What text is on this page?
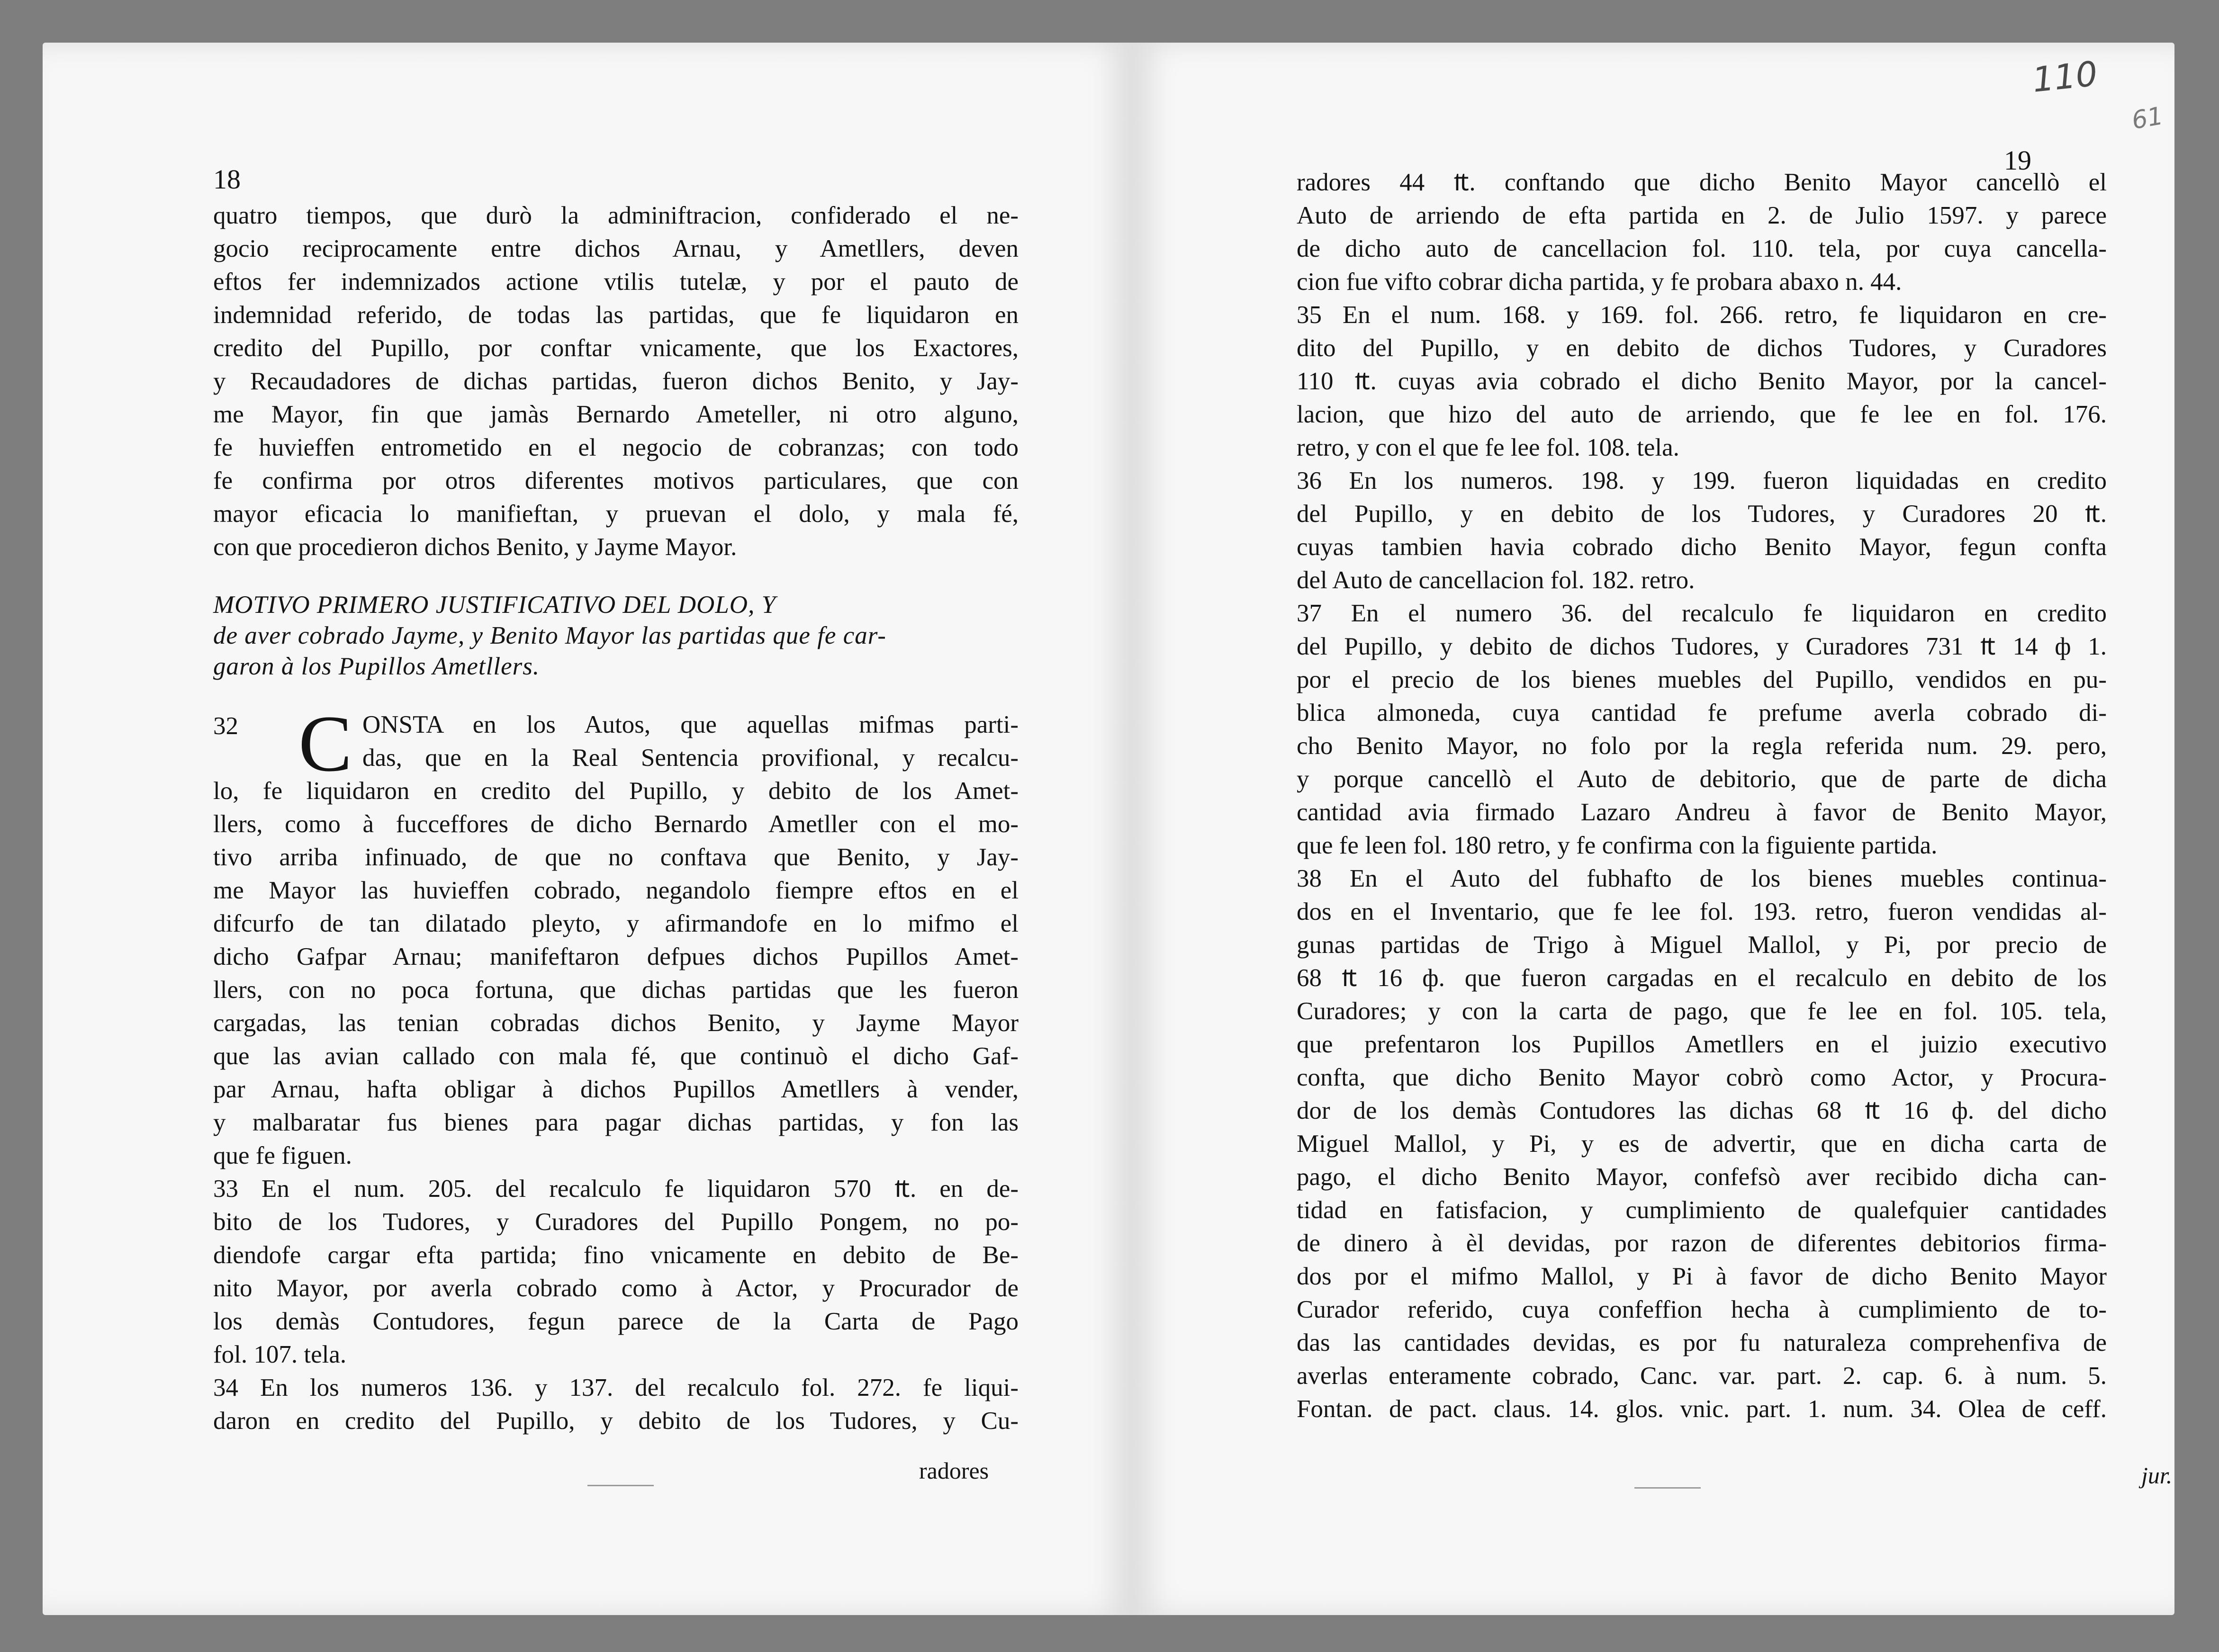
18
quatro tiempos, que durò la adminiftracion, confiderado el ne-
gocio reciprocamente entre dichos Arnau, y Ametllers, deven
eftos fer indemnizados actione vtilis tutelæ, y por el pauto de
indemnidad referido, de todas las partidas, que fe liquidaron en
credito del Pupillo, por conftar vnicamente, que los Exactores,
y Recaudadores de dichas partidas, fueron dichos Benito, y Jay-
me Mayor, fin que jamàs Bernardo Ameteller, ni otro alguno,
fe huvieffen entrometido en el negocio de cobranzas; con todo
fe confirma por otros diferentes motivos particulares, que con
mayor eficacia lo manifieftan, y pruevan el dolo, y mala fé,
con que procedieron dichos Benito, y Jayme Mayor.
MOTIVO PRIMERO JUSTIFICATIVO DEL DOLO, Y
de aver cobrado Jayme, y Benito Mayor las partidas que fe car-
garon à los Pupillos Ametllers.
32 C ONSTA en los Autos, que aquellas mifmas parti-
das, que en la Real Sentencia provifional, y recalcu-
lo, fe liquidaron en credito del Pupillo, y debito de los Amet-
llers, como à fucceffores de dicho Bernardo Ametller con el mo-
tivo arriba infinuado, de que no conftava que Benito, y Jay-
me Mayor las huvieffen cobrado, negandolo fiempre eftos en el
difcurfo de tan dilatado pleyto, y afirmandofe en lo mifmo el
dicho Gafpar Arnau; manifeftaron defpues dichos Pupillos Amet-
llers, con no poca fortuna, que dichas partidas que les fueron
cargadas, las tenian cobradas dichos Benito, y Jayme Mayor
que las avian callado con mala fé, que continuò el dicho Gaf-
par Arnau, hafta obligar à dichos Pupillos Ametllers à vender,
y malbaratar fus bienes para pagar dichas partidas, y fon las
que fe figuen.
33 En el num. 205. del recalculo fe liquidaron 570 ₶. en de-
bito de los Tudores, y Curadores del Pupillo Pongem, no po-
diendofe cargar efta partida; fino vnicamente en debito de Be-
nito Mayor, por averla cobrado como à Actor, y Procurador de
los demàs Contudores, fegun parece de la Carta de Pago
fol. 107. tela.
34 En los numeros 136. y 137. del recalculo fol. 272. fe liqui-
daron en credito del Pupillo, y debito de los Tudores, y Cu-
radores
110
61
19
radores 44 ₶. conftando que dicho Benito Mayor cancellò el
Auto de arriendo de efta partida en 2. de Julio 1597. y parece
de dicho auto de cancellacion fol. 110. tela, por cuya cancella-
cion fue vifto cobrar dicha partida, y fe probara abaxo n. 44.
35 En el num. 168. y 169. fol. 266. retro, fe liquidaron en cre-
dito del Pupillo, y en debito de dichos Tudores, y Curadores
110 ₶. cuyas avia cobrado el dicho Benito Mayor, por la cancel-
lacion, que hizo del auto de arriendo, que fe lee en fol. 176.
retro, y con el que fe lee fol. 108. tela.
36 En los numeros. 198. y 199. fueron liquidadas en credito
del Pupillo, y en debito de los Tudores, y Curadores 20 ₶.
cuyas tambien havia cobrado dicho Benito Mayor, fegun confta
del Auto de cancellacion fol. 182. retro.
37 En el numero 36. del recalculo fe liquidaron en credito
del Pupillo, y debito de dichos Tudores, y Curadores 731 ₶ 14 ф 1.
por el precio de los bienes muebles del Pupillo, vendidos en pu-
blica almoneda, cuya cantidad fe prefume averla cobrado di-
cho Benito Mayor, no folo por la regla referida num. 29. pero,
y porque cancellò el Auto de debitorio, que de parte de dicha
cantidad avia firmado Lazaro Andreu à favor de Benito Mayor,
que fe leen fol. 180 retro, y fe confirma con la figuiente partida.
38 En el Auto del fubhafto de los bienes muebles continua-
dos en el Inventario, que fe lee fol. 193. retro, fueron vendidas al-
gunas partidas de Trigo à Miguel Mallol, y Pi, por precio de
68 ₶ 16 ф. que fueron cargadas en el recalculo en debito de los
Curadores; y con la carta de pago, que fe lee en fol. 105. tela,
que prefentaron los Pupillos Ametllers en el juizio executivo
confta, que dicho Benito Mayor cobrò como Actor, y Procura-
dor de los demàs Contudores las dichas 68 ₶ 16 ф. del dicho
Miguel Mallol, y Pi, y es de advertir, que en dicha carta de
pago, el dicho Benito Mayor, confefsò aver recibido dicha can-
tidad en fatisfacion, y cumplimiento de qualefquier cantidades
de dinero à èl devidas, por razon de diferentes debitorios firma-
dos por el mifmo Mallol, y Pi à favor de dicho Benito Mayor
Curador referido, cuya confeffion hecha à cumplimiento de to-
das las cantidades devidas, es por fu naturaleza comprehenfiva de
averlas enteramente cobrado, Canc. var. part. 2. cap. 6. à num. 5.
Fontan. de pact. claus. 14. glos. vnic. part. 1. num. 34. Olea de ceff.
jur.
